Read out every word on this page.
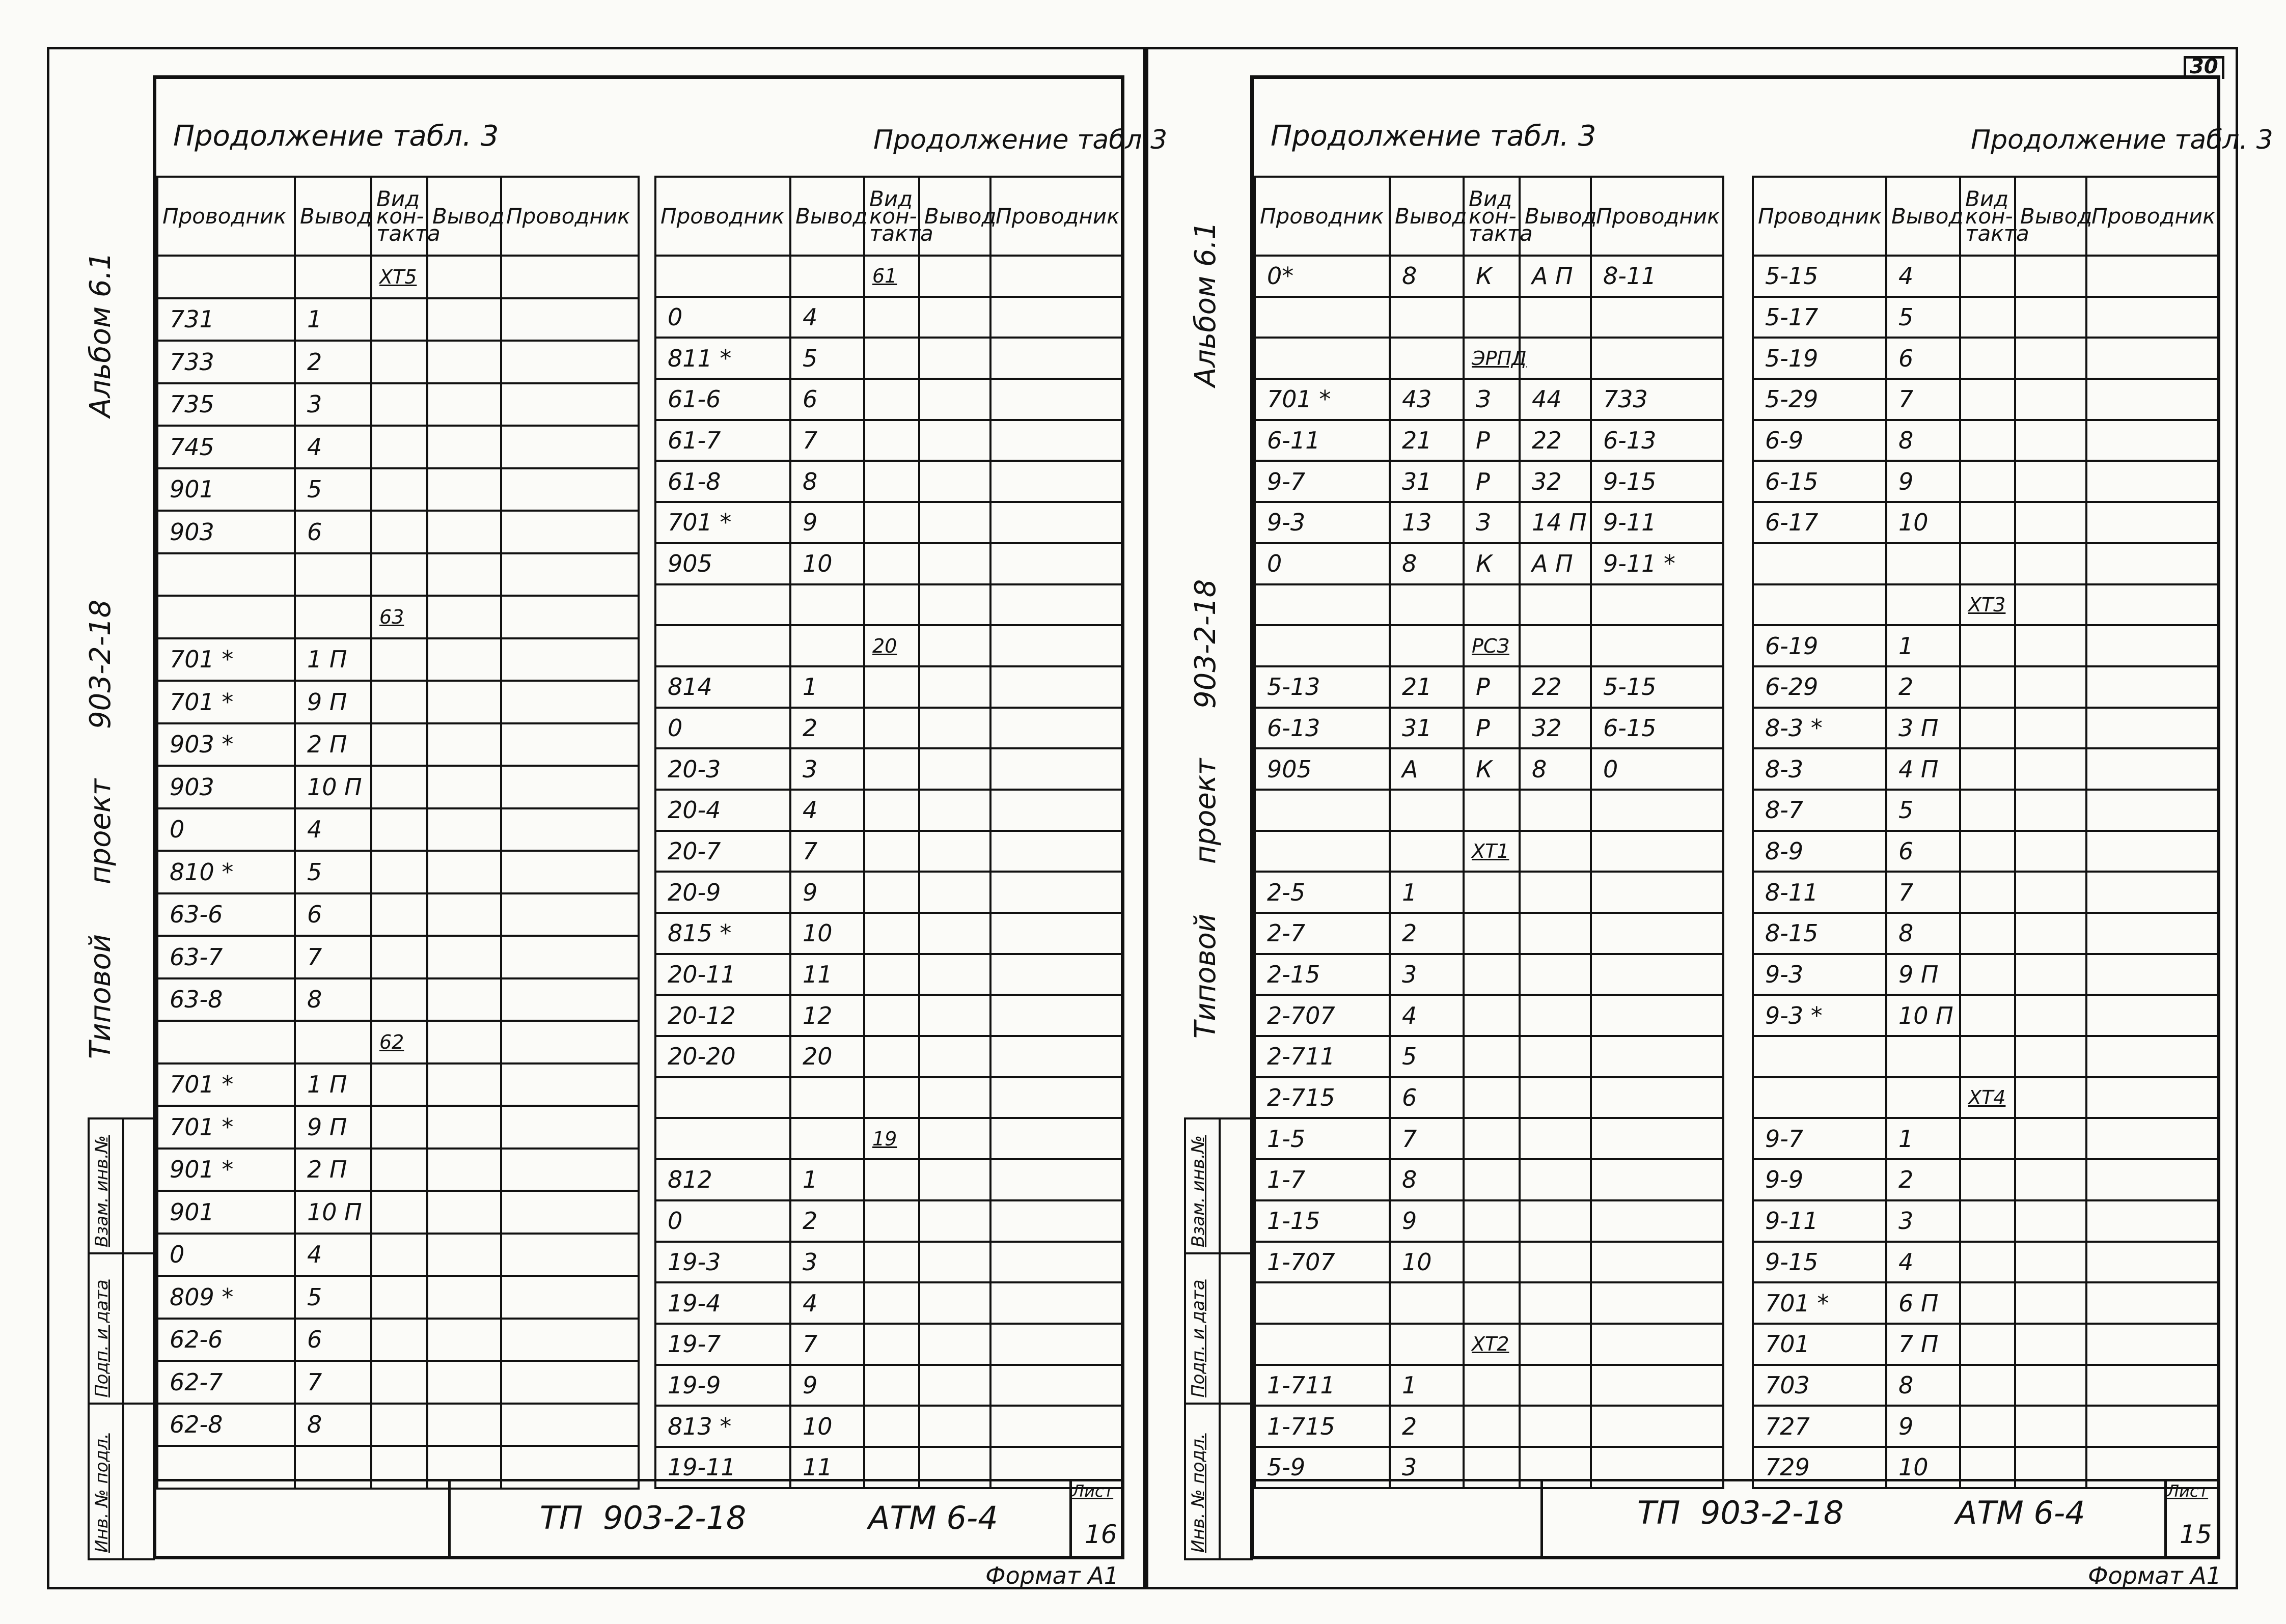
Альбом 6.1
Типовой проект 903-2-18
Продолжение табл. 3	Продолжение табл.3
Проводник	Вывод	Вид кон-такта	Вывод	Проводник
		XT5		
731	1			
733	2			
735	3			
745	4			
901	5			
903	6			

		63		
701 *	1 П			
701 *	9 П			
903 *	2 П			
903	10 П			
0	4			
810 *	5			
63-6	6			
63-7	7			
63-8	8			
		62		
701 *	1 П			
701 *	9 П			
901 *	2 П			
901	10 П			
0	4			
809 *	5			
62-6	6			
62-7	7			
62-8	8			

Проводник	Вывод	Вид кон-такта	Вывод	Проводник
		61		
0	4			
811 *	5			
61-6	6			
61-7	7			
61-8	8			
701 *	9			
905	10			

		20		
814	1			
0	2			
20-3	3			
20-4	4			
20-7	7			
20-9	9			
815 *	10			
20-11	11			
20-12	12			
20-20	20			

		19		
812	1			
0	2			
19-3	3			
19-4	4			
19-7	7			
19-9	9			
813 *	10			
19-11	11			
Инв. № подл.
Подп. и дата
Взам. инв.№
ТП  903-2-18	АТМ 6-4
Лист
16
Формат А1
30
Альбом 6.1
Типовой проект 903-2-18
Продолжение табл. 3	Продолжение табл. 3
Проводник	Вывод	Вид кон-такта	Вывод	Проводник
0*	8	К	А П	8-11

		ЭРПД		
701 *	43	З	44	733
6-11	21	Р	22	6-13
9-7	31	Р	32	9-15
9-3	13	З	14 П	9-11
0	8	К	А П	9-11 *

		РСЗ		
5-13	21	Р	22	5-15
6-13	31	Р	32	6-15
905	А	К	8	0

		XT1		
2-5	1			
2-7	2			
2-15	3			
2-707	4			
2-711	5			
2-715	6			
1-5	7			
1-7	8			
1-15	9			
1-707	10			

		XT2		
1-711	1			
1-715	2			
5-9	3			
Проводник	Вывод	Вид кон-такта	Вывод	Проводник
5-15	4			
5-17	5			
5-19	6			
5-29	7			
6-9	8			
6-15	9			
6-17	10			

		XT3		
6-19	1			
6-29	2			
8-3 *	3 П			
8-3	4 П			
8-7	5			
8-9	6			
8-11	7			
8-15	8			
9-3	9 П			
9-3 *	10 П			

		XT4		
9-7	1			
9-9	2			
9-11	3			
9-15	4			
701 *	6 П			
701	7 П			
703	8			
727	9			
729	10			
Инв. № подл.
Подп. и дата
Взам. инв.№
ТП  903-2-18	АТМ 6-4
Лист
15
Формат А1
